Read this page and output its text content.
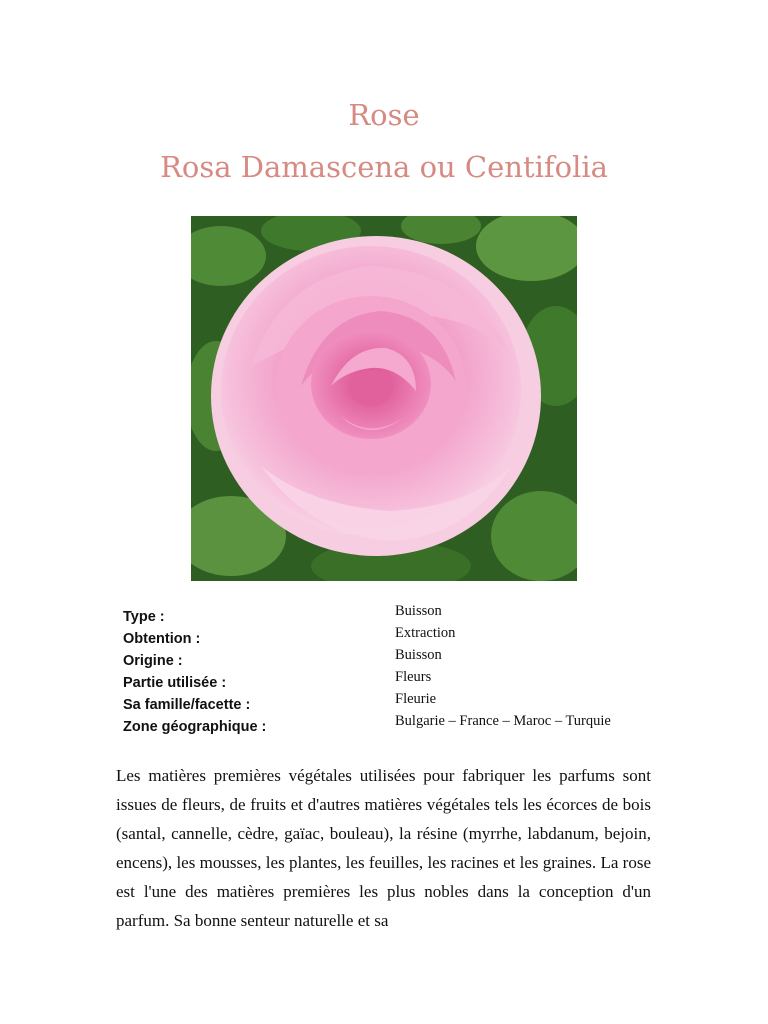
Rose
Rosa Damascena ou Centifolia
Type :
Obtention :
Origine :
Partie utilisée :
Sa famille/facette :
Zone géographique :
Buisson
Extraction
Buisson
Fleurs
Fleurie
Bulgarie – France – Maroc – Turquie

Les matières premières végétales utilisées pour fabriquer les parfums sont issues de fleurs, de fruits et d'autres matières végétales tels les écorces de bois (santal, cannelle, cèdre, gaïac, bouleau), la résine (myrrhe, labdanum, bejoin, encens), les mousses, les plantes, les feuilles, les racines et les graines. La rose est l'une des matières premières les plus nobles dans la conception d'un parfum. Sa bonne senteur naturelle et sa
